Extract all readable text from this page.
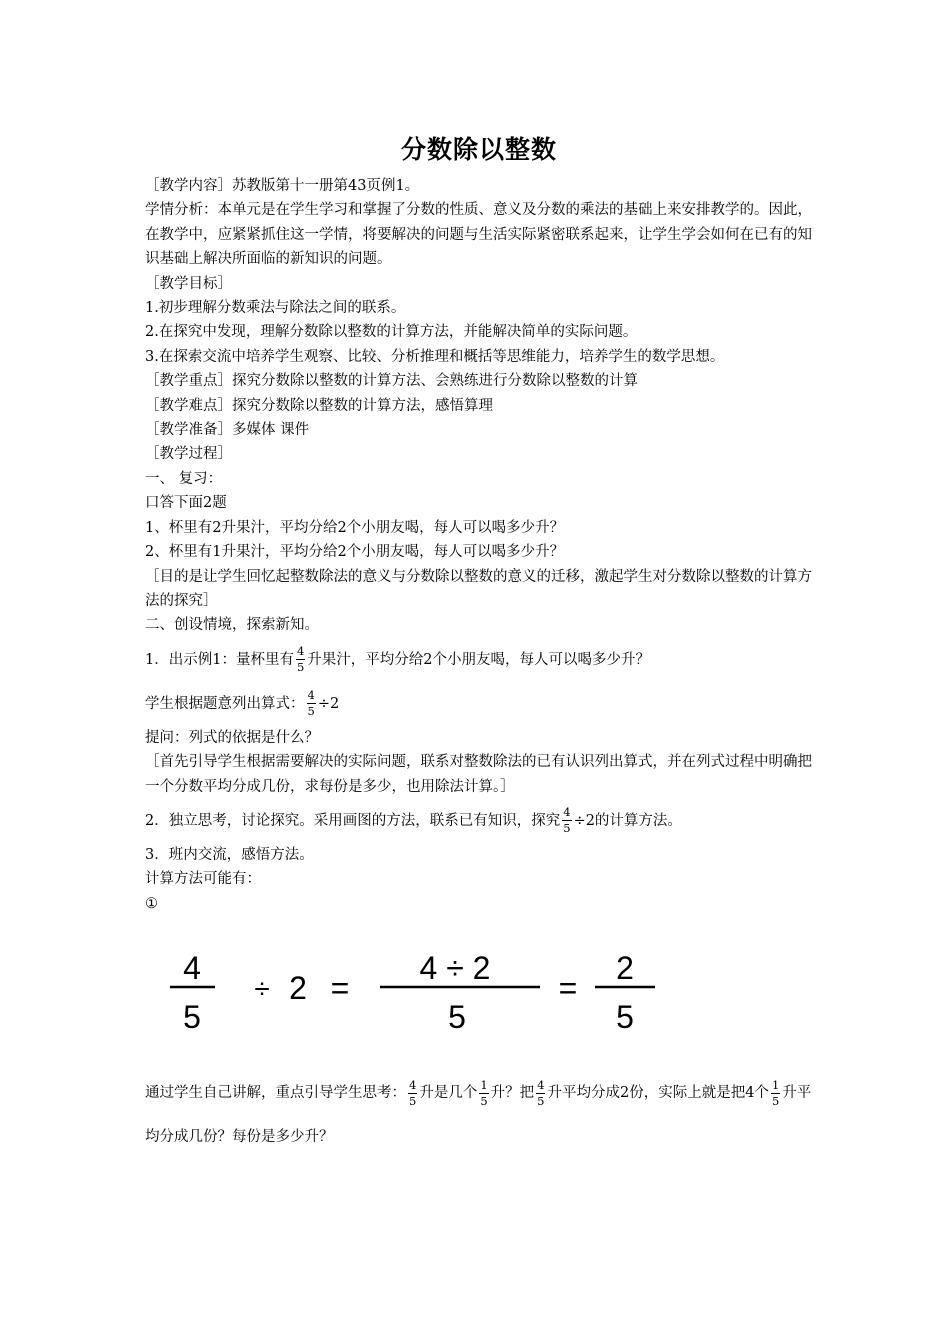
分数除以整数

［教学内容］苏教版第十一册第43页例1。

学情分析：本单元是在学生学习和掌握了分数的性质、意义及分数的乘法的基础上来安排教学的。因此，在教学中，应紧紧抓住这一学情，将要解决的问题与生活实际紧密联系起来，让学生学会如何在已有的知识基础上解决所面临的新知识的问题。

［教学目标］

1.初步理解分数乘法与除法之间的联系。

2.在探究中发现，理解分数除以整数的计算方法，并能解决简单的实际问题。

3.在探索交流中培养学生观察、比较、分析推理和概括等思维能力，培养学生的数学思想。

［教学重点］探究分数除以整数的计算方法、会熟练进行分数除以整数的计算

［教学难点］探究分数除以整数的计算方法，感悟算理

［教学准备］多媒体 课件

［教学过程］

一、 复习：

口答下面2题

1、杯里有2升果汁，平均分给2个小朋友喝，每人可以喝多少升？

2、杯里有1升果汁，平均分给2个小朋友喝，每人可以喝多少升？

［目的是让学生回忆起整数除法的意义与分数除以整数的意义的迁移，激起学生对分数除以整数的计算方法的探究］

二、创设情境，探索新知。

1．出示例1：量杯里有 $\frac{4}{5}$ 升果汁，平均分给2个小朋友喝，每人可以喝多少升？

学生根据题意列出算式： $\frac{4}{5} \div 2$

提问：列式的依据是什么？

［首先引导学生根据需要解决的实际问题，联系对整数除法的已有认识列出算式，并在列式过程中明确把一个分数平均分成几份，求每份是多少，也用除法计算。］

2．独立思考，讨论探究。采用画图的方法，联系已有知识，探究 $\frac{4}{5} \div 2$的计算方法。

3．班内交流，感悟方法。

计算方法可能有：

①

4
5
÷ 2 =
4 ÷ 2
5
=
2
5

通过学生自己讲解，重点引导学生思考： $\frac{4}{5}$ 升是几个 $\frac{1}{5}$ 升？把 $\frac{4}{5}$ 升平均分成2份，实际上就是把4个 $\frac{1}{5}$ 升平均分成几份？每份是多少升？
